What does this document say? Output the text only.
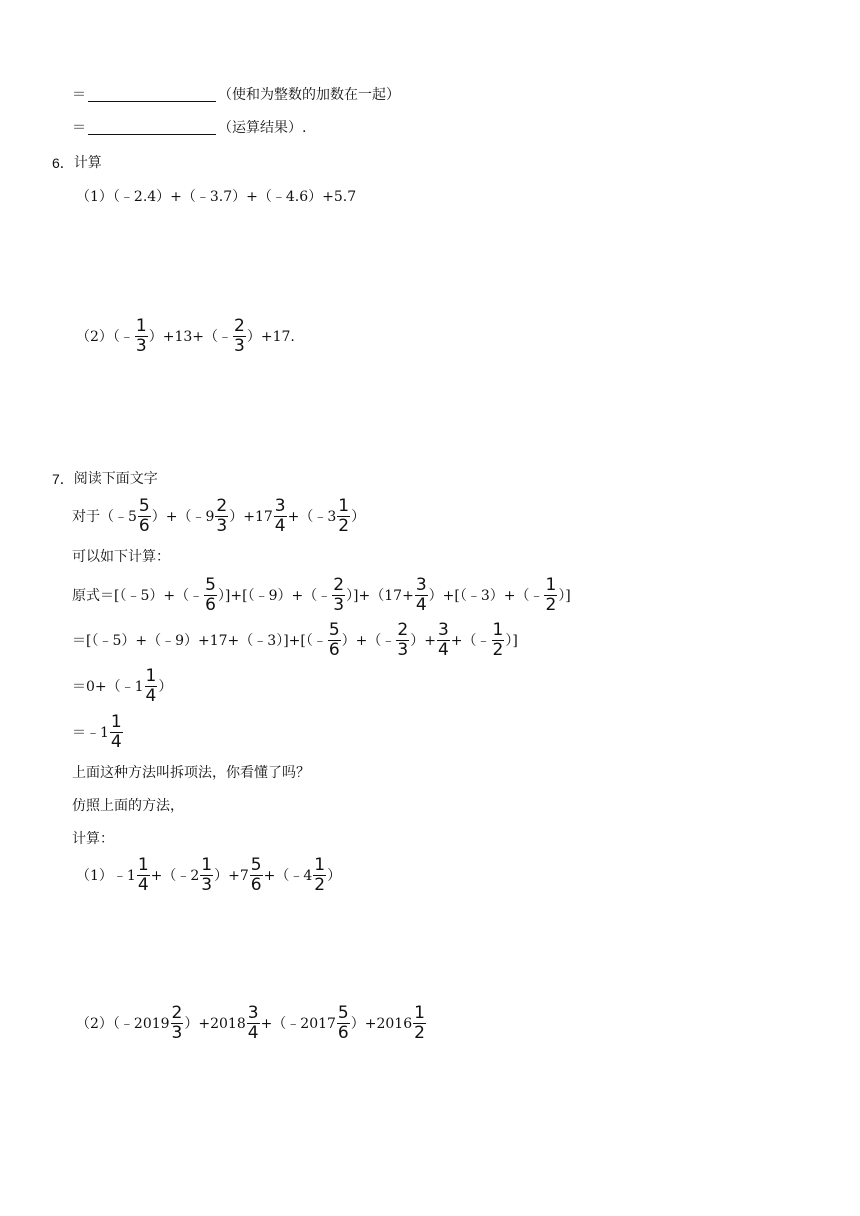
＝	（使和为整数的加数在一起）
＝	（运算结果）.
6． 计算
（1）（﹣2.4）+（﹣3.7）+（﹣4.6）+5.7
（2）（﹣ $\frac{1}{3}$ ）+13+（﹣ $\frac{2}{3} )+17$.
7． 阅读下面文字
对于（﹣5 $\frac{5}{6}$ ）+（﹣9 $\frac{2}{3} )+17 \frac{3}{4}$ +（﹣3 $\frac{1}{2}$ ）
可以如下计算：
原式＝[（﹣5）+（﹣ $\frac{5}{6}$ ）]+[（﹣9）+（﹣ $\frac{2}{3} )]+(17+ \frac{3}{4}$ ）+[（﹣3）+（﹣ $\frac{1}{2}$ ）]
＝[（﹣5）+（﹣9）+17+（﹣3）]+[（﹣ $\frac{5}{6}$ ）+（﹣ $\frac{2}{3}$ ）+ $\frac{3}{4}$ +（﹣ $\frac{1}{2}$ ）]
＝0+（﹣1 $\frac{1}{4}$ ）
＝﹣1 $\frac{1}{4}$
上面这种方法叫拆项法，你看懂了吗？
仿照上面的方法，
计算：
（1）﹣1 $\frac{1}{4}$ +（﹣2 $\frac{1}{3} )+7 \frac{5}{6}$ +（﹣4 $\frac{1}{2}$ ）
（2）（﹣2019 $\frac{2}{3} )+2018 \frac{3}{4}$ +（﹣2017 $\frac{5}{6} )+2016 \frac{1}{2}$
